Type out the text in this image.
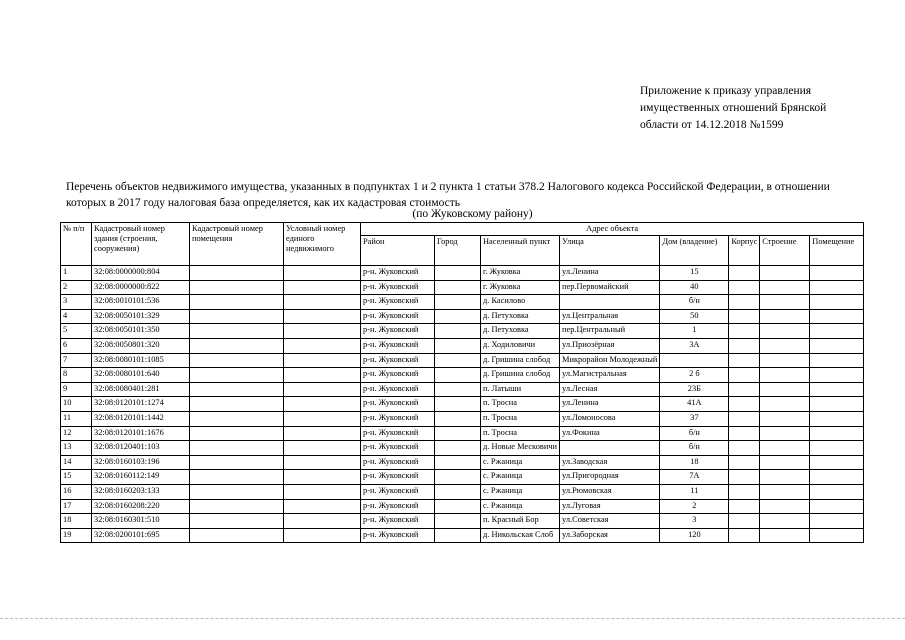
Приложение к приказу управления
имущественных отношений Брянской
области от 14.12.2018 №1599
Перечень объектов недвижимого имущества, указанных в подпунктах 1 и 2 пункта 1 статьи 378.2 Налогового кодекса Российской Федерации, в отношении которых в 2017 году налоговая база определяется, как их кадастровая стоимость
(по Жуковскому району)
№ п/п	Кадастровый номер здания (строения, сооружения)	Кадастровый номер помещения	Условный номер единого недвижимого	Адрес объекта							
				Район	Город	Населенный пункт	Улица	Дом (владение)	Корпус	Строение	Помещение
1	32:08:0000000:804			р-н. Жуковский		г. Жуковка	ул.Ленина	15			
2	32:08:0000000:822			р-н. Жуковский		г. Жуковка	пер.Первомайский	40			
3	32:08:0010101:536			р-н. Жуковский		д. Касилово		б/н			
4	32:08:0050101:329			р-н. Жуковский		д. Петуховка	ул.Центральная	50			
5	32:08:0050101:350			р-н. Жуковский		д. Петуховка	пер.Центральный	1			
6	32:08:0050801:320			р-н. Жуковский		д. Ходиловичи	ул.Приозёрная	3А			
7	32:08:0080101:1085			р-н. Жуковский		д. Гришина слобод	Микрорайон Молодежный				
8	32:08:0080101:640			р-н. Жуковский		д. Гришина слобод	ул.Магистральная	2 б			
9	32:08:0080401:281			р-н. Жуковский		п. Латыши	ул.Лесная	23Б			
10	32:08:0120101:1274			р-н. Жуковский		п. Тросна	ул.Ленина	41А			
11	32:08:0120101:1442			р-н. Жуковский		п. Тросна	ул.Ломоносова	37			
12	32:08:0120101:1676			р-н. Жуковский		п. Тросна	ул.Фокина	б/н			
13	32:08:0120401:103			р-н. Жуковский		д. Новые Месковичи		б/н			
14	32:08:0160103:196			р-н. Жуковский		с. Ржаница	ул.Заводская	18			
15	32:08:0160112:149			р-н. Жуковский		с. Ржаница	ул.Пригородная	7А			
16	32:08:0160203:133			р-н. Жуковский		с. Ржаница	ул.Рюмовская	11			
17	32:08:0160208:220			р-н. Жуковский		с. Ржаница	ул.Луговая	2			
18	32:08:0160301:510			р-н. Жуковский		п. Красный Бор	ул.Советская	3			
19	32:08:0200101:695			р-н. Жуковский		д. Никольская Слоб	ул.Заборская	120			
